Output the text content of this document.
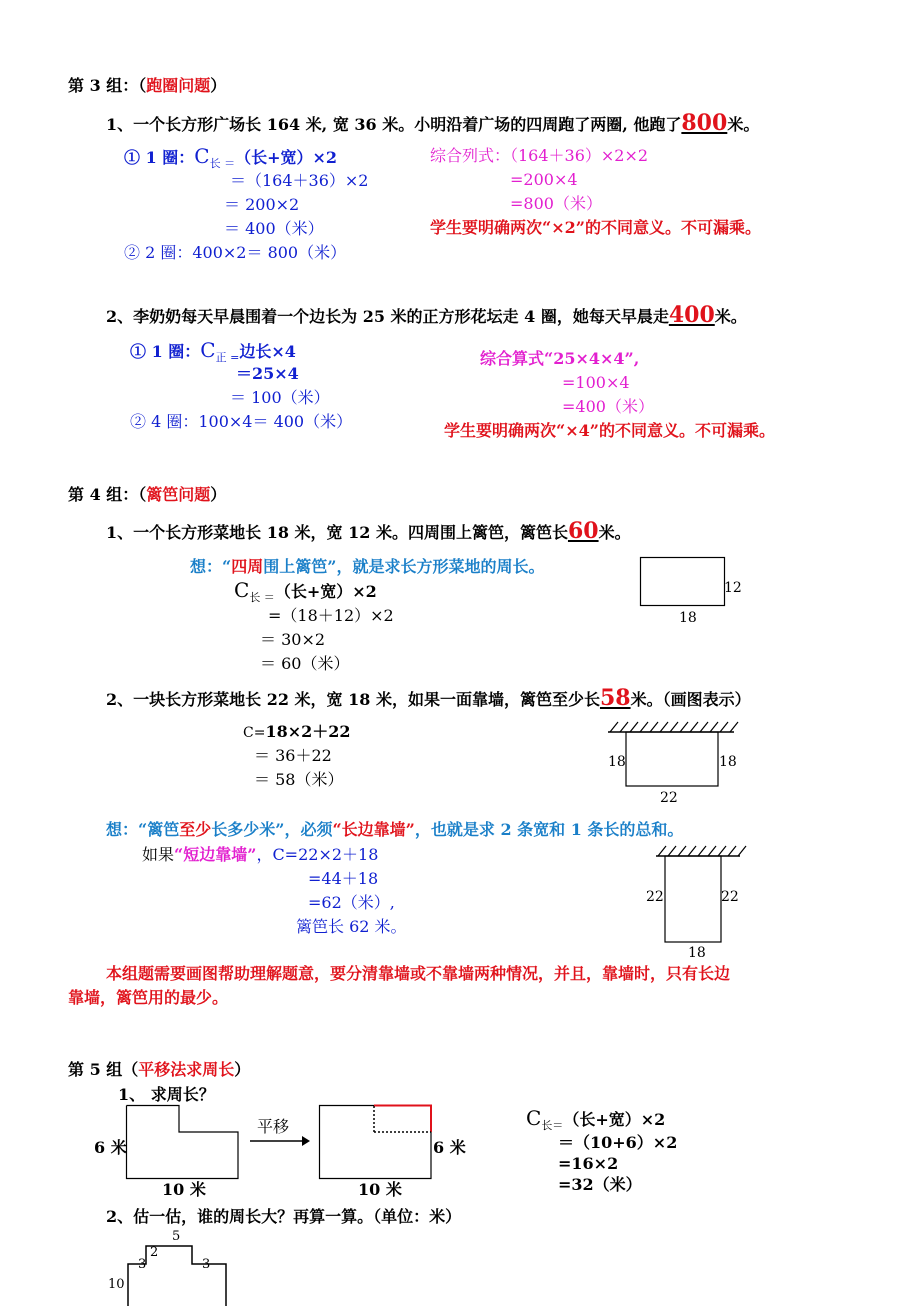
第 3 组：（跑圈问题）
1、一个长方形广场长 164 米, 宽 36 米。小明沿着广场的四周跑了两圈, 他跑了800米。
① 1 圈：$C_{长 =}$（长+宽）×2
＝（164＋36）×2
＝ 200×2
＝ 400（米）
② 2 圈：400×2＝ 800（米）
综合列式：（164＋36）×2×2
=200×4
=800（米）
学生要明确两次“×2”的不同意义。不可漏乘。
2、李奶奶每天早晨围着一个边长为 25 米的正方形花坛走 4 圈，她每天早晨走400米。
① 1 圈：$C_{正 =}$边长×4
＝25×4
＝ 100（米）
② 4 圈：100×4＝ 400（米）
综合算式“25×4×4”,
=100×4
=400（米）
学生要明确两次“×4”的不同意义。不可漏乘。
第 4 组：（篱笆问题）
1、一个长方形菜地长 18 米，宽 12 米。四周围上篱笆，篱笆长60米。
想：“四周围上篱笆”，就是求长方形菜地的周长。
$C_{长 =}$（长+宽）×2
=（18＋12）×2
＝ 30×2
＝ 60（米）
12
18
2、一块长方形菜地长 22 米，宽 18 米，如果一面靠墙，篱笆至少长58米。（画图表示）
C=18×2＋22
＝ 36＋22
＝ 58（米）
18	18
22
想：“篱笆至少长多少米”，必须“长边靠墙”，也就是求 2 条宽和 1 条长的总和。
如果“短边靠墙”，C=22×2＋18
=44＋18
=62（米）,
篱笆长 62 米。
22	22
18
本组题需要画图帮助理解题意，要分清靠墙或不靠墙两种情况，并且，靠墙时，只有长边
靠墙，篱笆用的最少。
第 5 组（平移法求周长）
1、 求周长？
6 米
10 米
平移
6 米
10 米
$C_{长=}$（长+宽）×2
＝（10+6）×2
=16×2
=32（米）
2、估一估，谁的周长大？再算一算。（单位：米）
5
2
3	3
10
